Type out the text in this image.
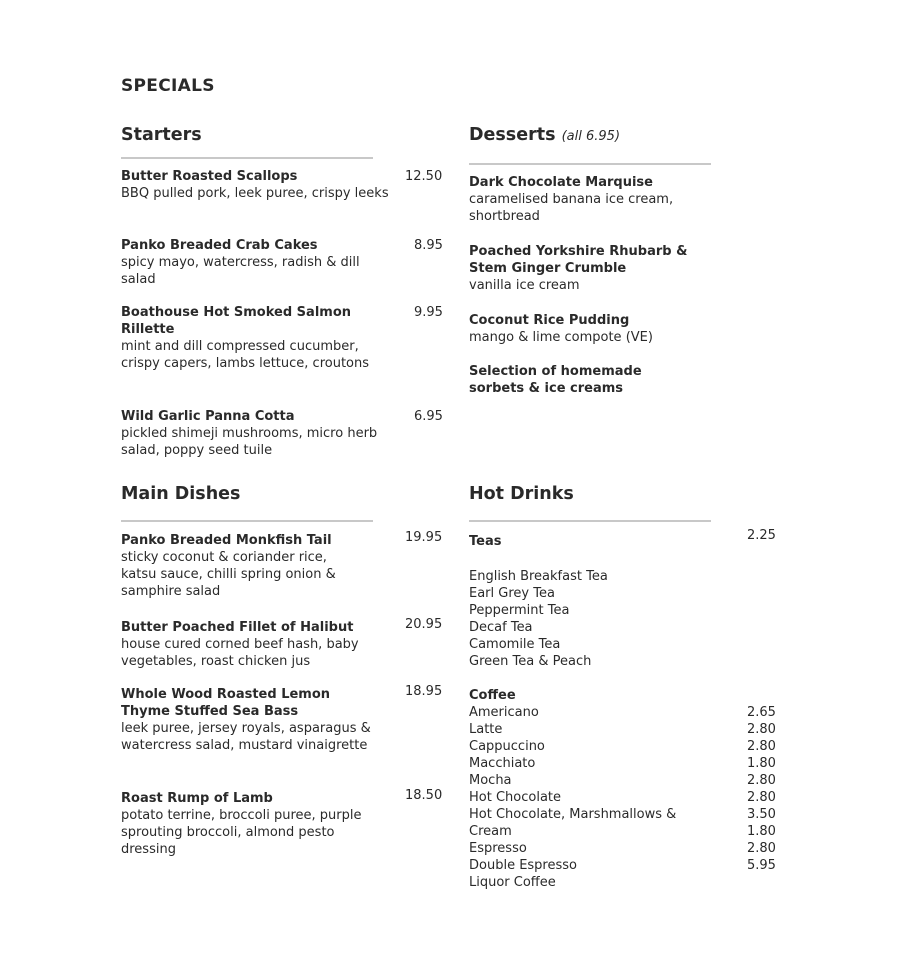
SPECIALS
Starters
Butter Roasted Scallops
BBQ pulled pork, leek puree, crispy leeks
12.50
Panko Breaded Crab Cakes
spicy mayo, watercress, radish & dill salad
8.95
Boathouse Hot Smoked Salmon Rillette
mint and dill compressed cucumber, crispy capers, lambs lettuce, croutons
9.95
Wild Garlic Panna Cotta
pickled shimeji mushrooms, micro herb salad, poppy seed tuile
6.95
Desserts (all 6.95)
Dark Chocolate Marquise
caramelised banana ice cream, shortbread
Poached Yorkshire Rhubarb & Stem Ginger Crumble
vanilla ice cream
Coconut Rice Pudding
mango & lime compote (VE)
Selection of homemade sorbets & ice creams
Main Dishes
Panko Breaded Monkfish Tail
sticky coconut & coriander rice, katsu sauce, chilli spring onion & samphire salad
19.95
Butter Poached Fillet of Halibut
house cured corned beef hash, baby vegetables, roast chicken jus
20.95
Whole Wood Roasted Lemon Thyme Stuffed Sea Bass
leek puree, jersey royals, asparagus & watercress salad, mustard vinaigrette
18.95
Roast Rump of Lamb
potato terrine, broccoli puree, purple sprouting broccoli, almond pesto dressing
18.50
Hot Drinks
Teas	2.25
English Breakfast Tea
Earl Grey Tea
Peppermint Tea
Decaf Tea
Camomile Tea
Green Tea & Peach
Coffee
Americano
Latte
Cappuccino
Macchiato
Mocha
Hot Chocolate
Hot Chocolate, Marshmallows &
Cream
Espresso
Double Espresso
Liquor Coffee
2.65
2.80
2.80
1.80
2.80
2.80
3.50
1.80
2.80
5.95
